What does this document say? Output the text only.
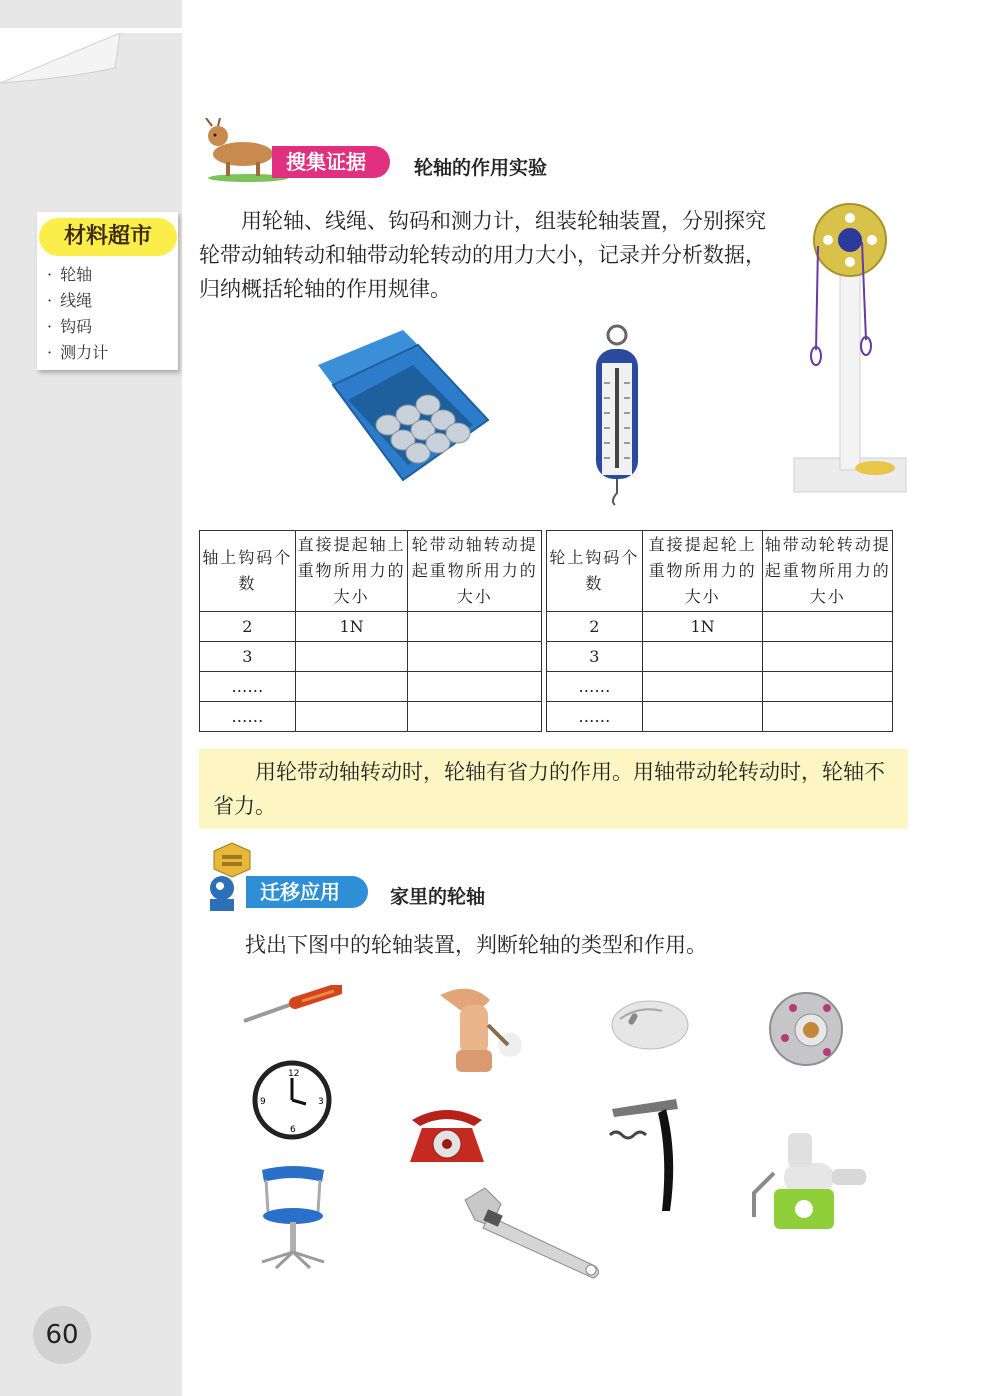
材料超市
· 轮轴
· 线绳
· 钩码
· 测力计
搜集证据	轮轴的作用实验
用轮轴、线绳、钩码和测力计，组装轮轴装置，分别探究轮带动轴转动和轴带动轮转动的用力大小，记录并分析数据，归纳概括轮轴的作用规律。
轴上钩码个数	直接提起轴上重物所用力的大小	轮带动轴转动提起重物所用力的大小
2	1N	
3		
……		
……		
轮上钩码个数	直接提起轮上重物所用力的大小	轴带动轮转动提起重物所用力的大小
2	1N	
3		
……		
……		
用轮带动轴转动时，轮轴有省力的作用。用轴带动轮转动时，轮轴不省力。
迁移应用	家里的轮轴
找出下图中的轮轴装置，判断轮轴的类型和作用。
12
3
6
9
60
